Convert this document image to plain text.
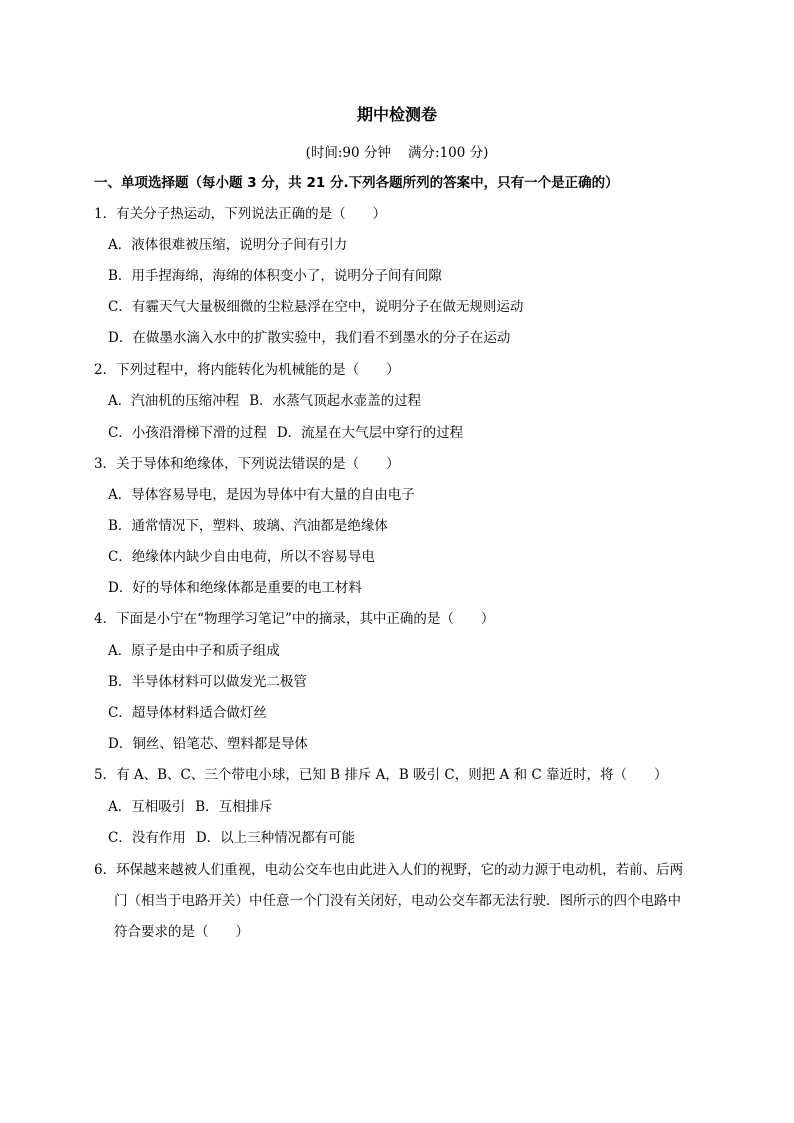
期中检测卷
(时间:90 分钟    满分:100 分)
一、单项选择题（每小题 3 分，共 21 分.下列各题所列的答案中，只有一个是正确的）
1．有关分子热运动，下列说法正确的是（　　）
A．液体很难被压缩，说明分子间有引力
B．用手捏海绵，海绵的体积变小了，说明分子间有间隙
C．有霾天气大量极细微的尘粒悬浮在空中，说明分子在做无规则运动
D．在做墨水滴入水中的扩散实验中，我们看不到墨水的分子在运动
2．下列过程中，将内能转化为机械能的是（　　）
A．汽油机的压缩冲程 B．水蒸气顶起水壶盖的过程
C．小孩沿滑梯下滑的过程 D．流星在大气层中穿行的过程
3．关于导体和绝缘体，下列说法错误的是（　　）
A．导体容易导电，是因为导体中有大量的自由电子
B．通常情况下，塑料、玻璃、汽油都是绝缘体
C．绝缘体内缺少自由电荷，所以不容易导电
D．好的导体和绝缘体都是重要的电工材料
4．下面是小宁在“物理学习笔记”中的摘录，其中正确的是（　　）
A．原子是由中子和质子组成
B．半导体材料可以做发光二极管
C．超导体材料适合做灯丝
D．铜丝、铅笔芯、塑料都是导体
5．有 A、B、C、三个带电小球，已知 B 排斥 A，B 吸引 C，则把 A 和 C 靠近时，将（　　）
A．互相吸引 B．互相排斥
C．没有作用 D．以上三种情况都有可能
6．环保越来越被人们重视，电动公交车也由此进入人们的视野，它的动力源于电动机，若前、后两
门（相当于电路开关）中任意一个门没有关闭好，电动公交车都无法行驶．图所示的四个电路中
符合要求的是（　　）
